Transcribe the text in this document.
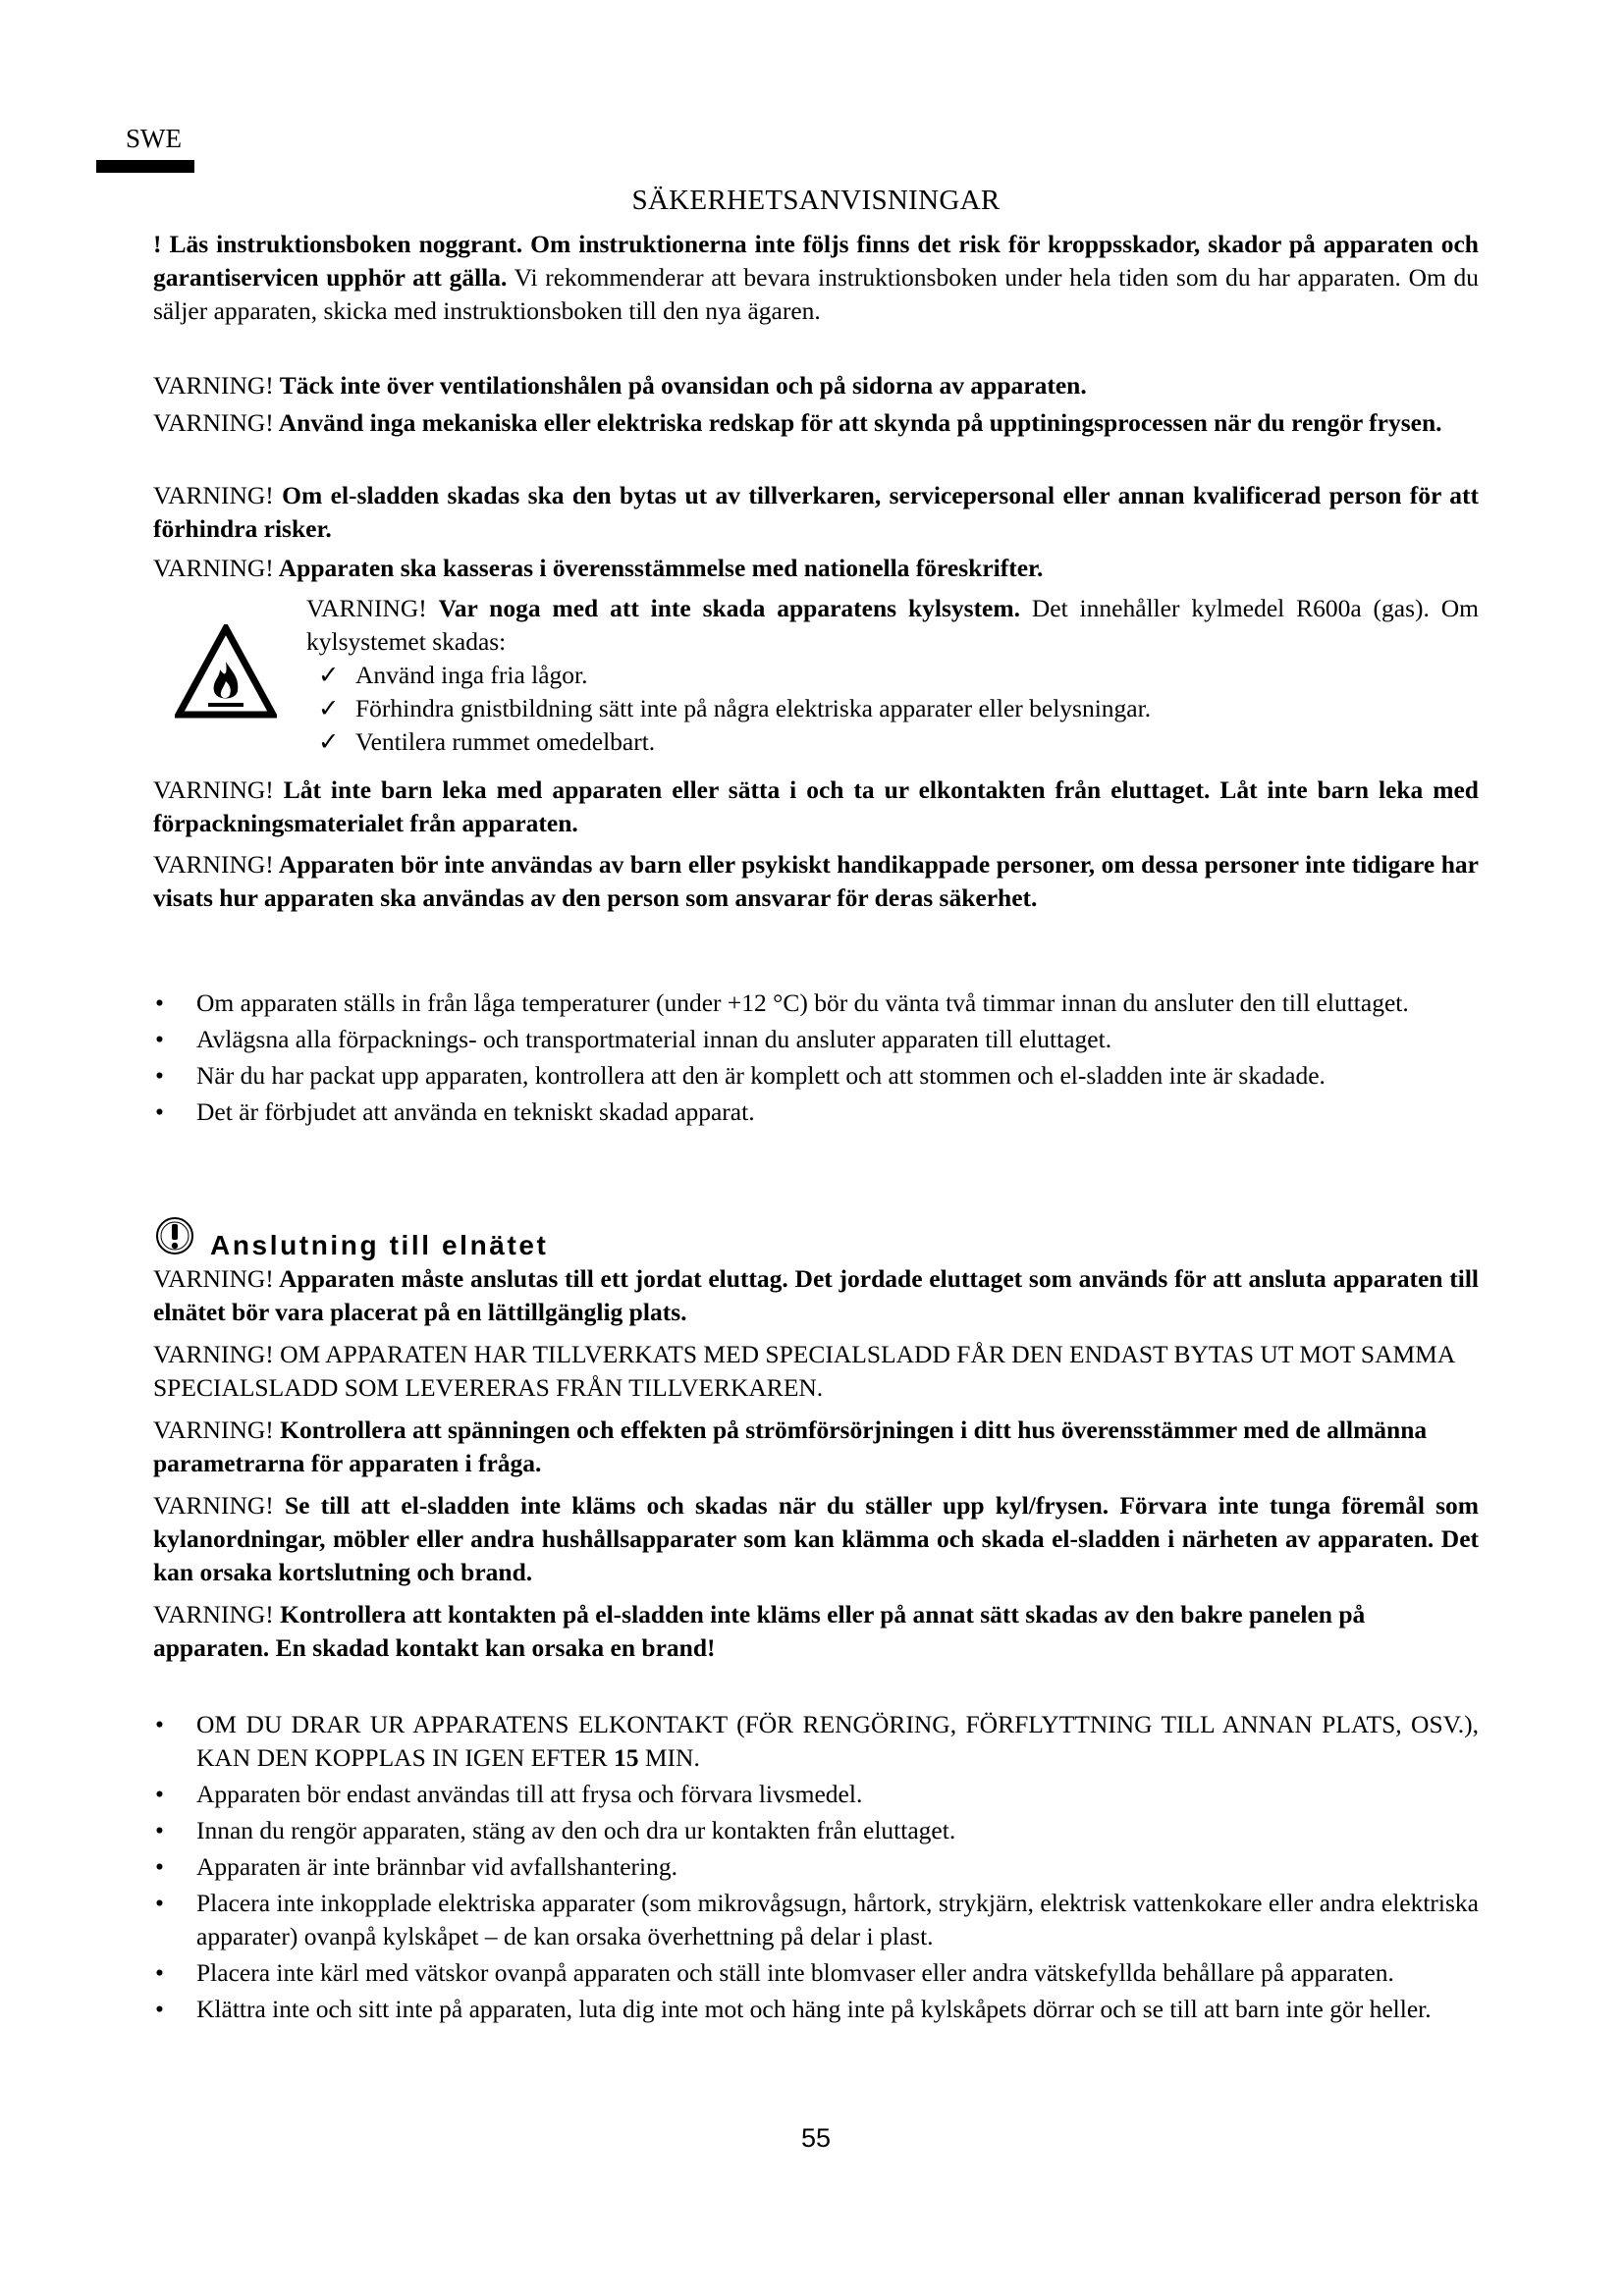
SWE
SÄKERHETSANVISNINGAR
! Läs instruktionsboken noggrant. Om instruktionerna inte följs finns det risk för kroppsskador, skador på apparaten och garantiservicen upphör att gälla. Vi rekommenderar att bevara instruktionsboken under hela tiden som du har apparaten. Om du säljer apparaten, skicka med instruktionsboken till den nya ägaren.
VARNING! Täck inte över ventilationshålen på ovansidan och på sidorna av apparaten.
VARNING! Använd inga mekaniska eller elektriska redskap för att skynda på upptiningsprocessen när du rengör frysen.
VARNING! Om el-sladden skadas ska den bytas ut av tillverkaren, servicepersonal eller annan kvalificerad person för att förhindra risker.
VARNING! Apparaten ska kasseras i överensstämmelse med nationella föreskrifter.
VARNING! Var noga med att inte skada apparatens kylsystem. Det innehåller kylmedel R600a (gas). Om kylsystemet skadas:
✓ Använd inga fria lågor.
✓ Förhindra gnistbildning sätt inte på några elektriska apparater eller belysningar.
✓ Ventilera rummet omedelbart.
VARNING! Låt inte barn leka med apparaten eller sätta i och ta ur elkontakten från eluttaget. Låt inte barn leka med förpackningsmaterialet från apparaten.
VARNING! Apparaten bör inte användas av barn eller psykiskt handikappade personer, om dessa personer inte tidigare har visats hur apparaten ska användas av den person som ansvarar för deras säkerhet.
• Om apparaten ställs in från låga temperaturer (under +12 °C) bör du vänta två timmar innan du ansluter den till eluttaget.
• Avlägsna alla förpacknings- och transportmaterial innan du ansluter apparaten till eluttaget.
• När du har packat upp apparaten, kontrollera att den är komplett och att stommen och el-sladden inte är skadade.
• Det är förbjudet att använda en tekniskt skadad apparat.
Anslutning till elnätet
VARNING! Apparaten måste anslutas till ett jordat eluttag. Det jordade eluttaget som används för att ansluta apparaten till elnätet bör vara placerat på en lättillgänglig plats.
VARNING! OM APPARATEN HAR TILLVERKATS MED SPECIALSLADD FÅR DEN ENDAST BYTAS UT MOT SAMMA SPECIALSLADD SOM LEVERERAS FRÅN TILLVERKAREN.
VARNING! Kontrollera att spänningen och effekten på strömförsörjningen i ditt hus överensstämmer med de allmänna parametrarna för apparaten i fråga.
VARNING! Se till att el-sladden inte kläms och skadas när du ställer upp kyl/frysen. Förvara inte tunga föremål som kylanordningar, möbler eller andra hushållsapparater som kan klämma och skada el-sladden i närheten av apparaten. Det kan orsaka kortslutning och brand.
VARNING! Kontrollera att kontakten på el-sladden inte kläms eller på annat sätt skadas av den bakre panelen på apparaten. En skadad kontakt kan orsaka en brand!
• OM DU DRAR UR APPARATENS ELKONTAKT (FÖR RENGÖRING, FÖRFLYTTNING TILL ANNAN PLATS, OSV.), KAN DEN KOPPLAS IN IGEN EFTER 15 MIN.
• Apparaten bör endast användas till att frysa och förvara livsmedel.
• Innan du rengör apparaten, stäng av den och dra ur kontakten från eluttaget.
• Apparaten är inte brännbar vid avfallshantering.
• Placera inte inkopplade elektriska apparater (som mikrovågsugn, hårtork, strykjärn, elektrisk vattenkokare eller andra elektriska apparater) ovanpå kylskåpet – de kan orsaka överhettning på delar i plast.
• Placera inte kärl med vätskor ovanpå apparaten och ställ inte blomvaser eller andra vätskefyllda behållare på apparaten.
• Klättra inte och sitt inte på apparaten, luta dig inte mot och häng inte på kylskåpets dörrar och se till att barn inte gör heller.
55
